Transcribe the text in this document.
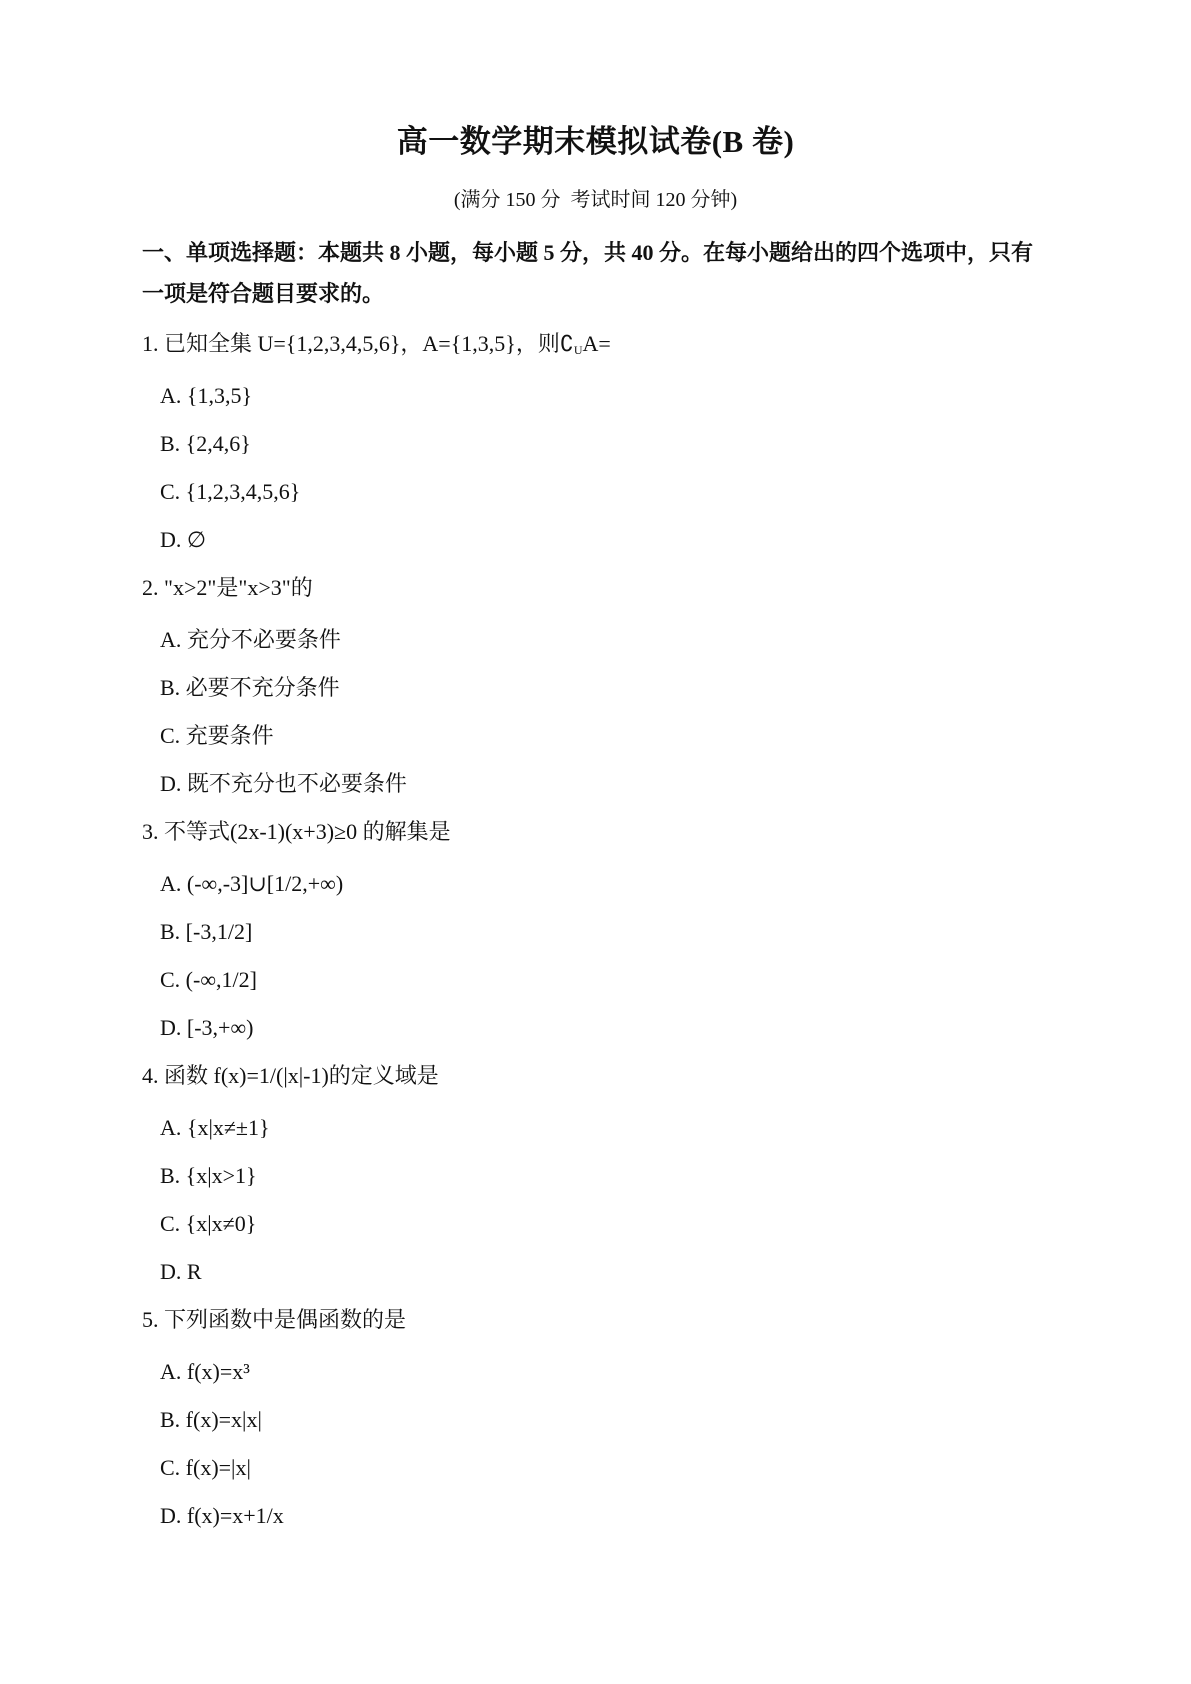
高一数学期末模拟试卷(B 卷)

(满分 150 分  考试时间 120 分钟)

一、单项选择题：本题共 8 小题，每小题 5 分，共 40 分。在每小题给出的四个选项中，只有一项是符合题目要求的。

1. 已知全集 U={1,2,3,4,5,6}，A={1,3,5}，则$∁_UA=$
A. {1,3,5}
B. {2,4,6}
C. {1,2,3,4,5,6}
D. ∅
2. "x>2"是"x>3"的
A. 充分不必要条件
B. 必要不充分条件
C. 充要条件
D. 既不充分也不必要条件
3. 不等式(2x-1)(x+3)≥0 的解集是
A. (-∞,-3]∪[1/2,+∞)
B. [-3,1/2]
C. (-∞,1/2]
D. [-3,+∞)
4. 函数 f(x)=1/(|x|-1)的定义域是
A. {x|x≠±1}
B. {x|x>1}
C. {x|x≠0}
D. R
5. 下列函数中是偶函数的是
A. f(x)=x³
B. f(x)=x|x|
C. f(x)=|x|
D. f(x)=x+1/x
